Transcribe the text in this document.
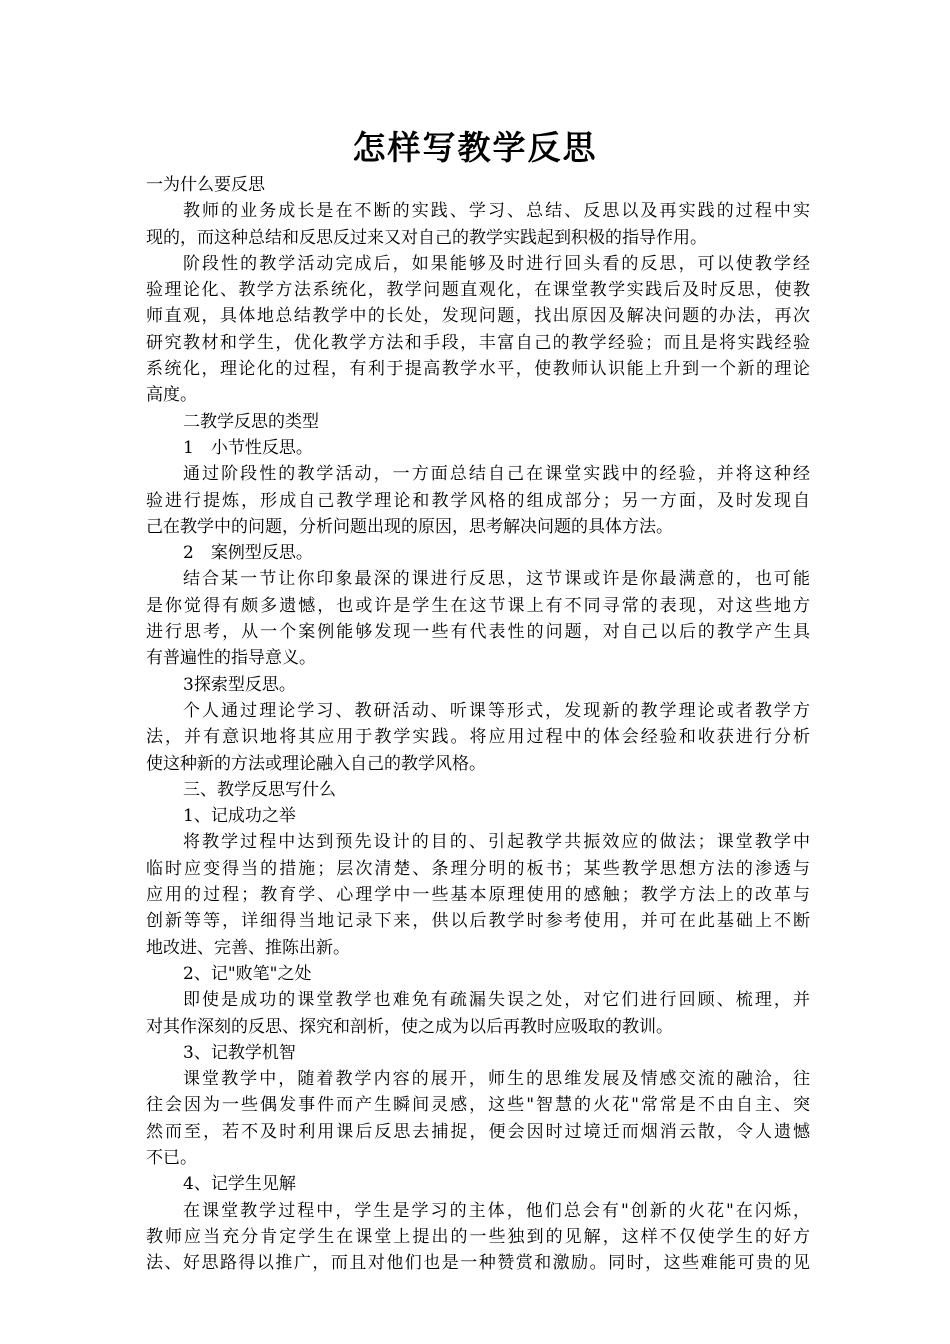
怎样写教学反思
一为什么要反思
教师的业务成长是在不断的实践、学习、总结、反思以及再实践的过程中实
现的，而这种总结和反思反过来又对自己的教学实践起到积极的指导作用。
阶段性的教学活动完成后，如果能够及时进行回头看的反思，可以使教学经
验理论化、教学方法系统化，教学问题直观化，在课堂教学实践后及时反思，使教
师直观，具体地总结教学中的长处，发现问题，找出原因及解决问题的办法，再次
研究教材和学生，优化教学方法和手段，丰富自己的教学经验；而且是将实践经验
系统化，理论化的过程，有利于提高教学水平，使教师认识能上升到一个新的理论
高度。
二教学反思的类型
1　小节性反思。
通过阶段性的教学活动，一方面总结自己在课堂实践中的经验，并将这种经
验进行提炼，形成自己教学理论和教学风格的组成部分；另一方面，及时发现自
己在教学中的问题，分析问题出现的原因，思考解决问题的具体方法。
2　案例型反思。
结合某一节让你印象最深的课进行反思，这节课或许是你最满意的，也可能
是你觉得有颇多遗憾，也或许是学生在这节课上有不同寻常的表现，对这些地方
进行思考，从一个案例能够发现一些有代表性的问题，对自己以后的教学产生具
有普遍性的指导意义。
3探索型反思。
个人通过理论学习、教研活动、听课等形式，发现新的教学理论或者教学方
法，并有意识地将其应用于教学实践。将应用过程中的体会经验和收获进行分析
使这种新的方法或理论融入自己的教学风格。
三、教学反思写什么
1、记成功之举
将教学过程中达到预先设计的目的、引起教学共振效应的做法；课堂教学中
临时应变得当的措施；层次清楚、条理分明的板书；某些教学思想方法的渗透与
应用的过程；教育学、心理学中一些基本原理使用的感触；教学方法上的改革与
创新等等，详细得当地记录下来，供以后教学时参考使用，并可在此基础上不断
地改进、完善、推陈出新。
2、记"败笔"之处
即使是成功的课堂教学也难免有疏漏失误之处，对它们进行回顾、梳理，并
对其作深刻的反思、探究和剖析，使之成为以后再教时应吸取的教训。
3、记教学机智
课堂教学中，随着教学内容的展开，师生的思维发展及情感交流的融洽，往
往会因为一些偶发事件而产生瞬间灵感，这些"智慧的火花"常常是不由自主、突
然而至，若不及时利用课后反思去捕捉，便会因时过境迁而烟消云散，令人遗憾
不已。
4、记学生见解
在课堂教学过程中，学生是学习的主体，他们总会有"创新的火花"在闪烁，
教师应当充分肯定学生在课堂上提出的一些独到的见解，这样不仅使学生的好方
法、好思路得以推广，而且对他们也是一种赞赏和激励。同时，这些难能可贵的见
